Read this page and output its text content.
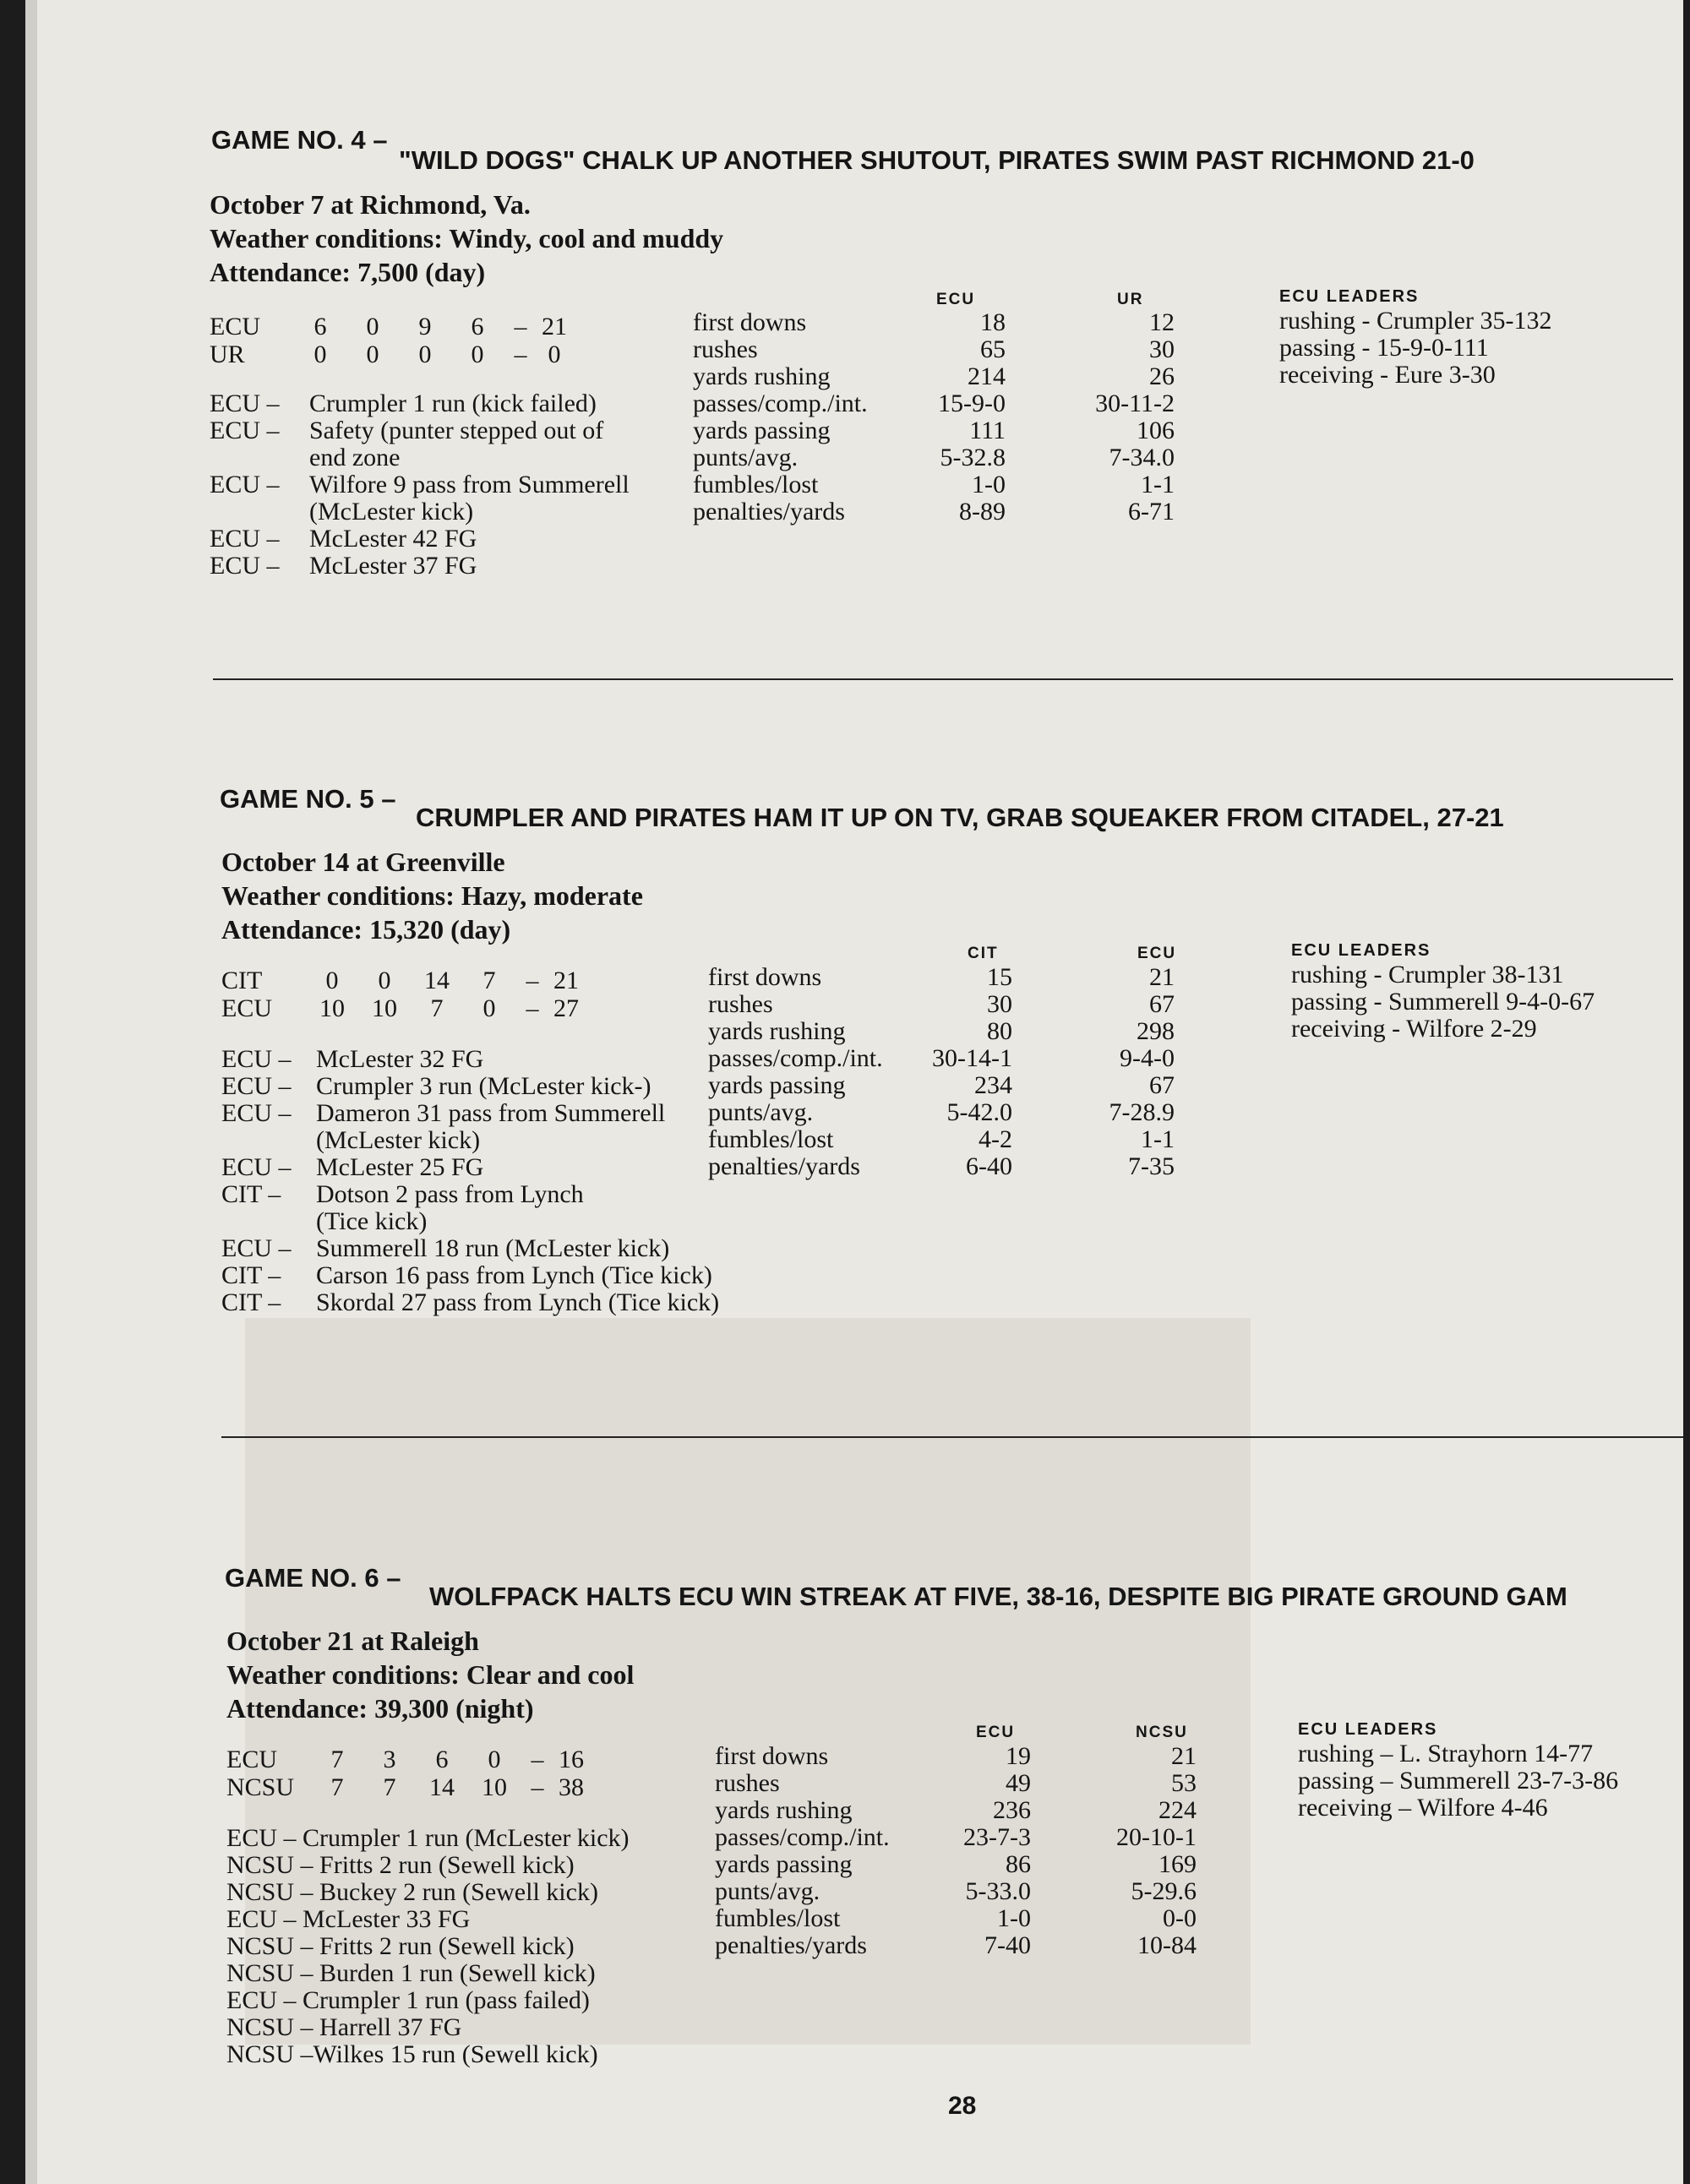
GAME NO. 4 –
"WILD DOGS" CHALK UP ANOTHER SHUTOUT, PIRATES SWIM PAST RICHMOND 21-0
October 7 at Richmond, Va.
Weather conditions: Windy, cool and muddy
Attendance: 7,500 (day)
ECU 6 0 9 6 – 21
UR	0 0 0 0 – 0
ECU – Crumpler 1 run (kick failed)
ECU – Safety (punter stepped out of
end zone
ECU – Wilfore 9 pass from Summerell
(McLester kick)
ECU – McLester 42 FG
ECU – McLester 37 FG
ECU	UR
first downs	18	12
rushes	65	30
yards rushing	214	26
passes/comp./int.	15-9-0	30-11-2
yards passing	111	106
punts/avg.	5-32.8	7-34.0
fumbles/lost	1-0	1-1
penalties/yards	8-89	6-71
ECU LEADERS
rushing - Crumpler 35-132
passing - 15-9-0-111
receiving - Eure 3-30
GAME NO. 5 –
CRUMPLER AND PIRATES HAM IT UP ON TV, GRAB SQUEAKER FROM CITADEL, 27-21
October 14 at Greenville
Weather conditions: Hazy, moderate
Attendance: 15,320 (day)
CIT	0 0 14 7 – 21
ECU 10 10 7 0 – 27
ECU – McLester 32 FG
ECU – Crumpler 3 run (McLester kick-)
ECU – Dameron 31 pass from Summerell
(McLester kick)
ECU – McLester 25 FG
CIT – Dotson 2 pass from Lynch
(Tice kick)
ECU – Summerell 18 run (McLester kick)
CIT – Carson 16 pass from Lynch (Tice kick)
CIT – Skordal 27 pass from Lynch (Tice kick)
CIT	ECU
first downs	15	21
rushes	30	67
yards rushing	80	298
passes/comp./int. 30-14-1	9-4-0
yards passing	234	67
punts/avg.	5-42.0	7-28.9
fumbles/lost	4-2	1-1
penalties/yards	6-40	7-35
ECU LEADERS
rushing - Crumpler 38-131
passing - Summerell 9-4-0-67
receiving - Wilfore 2-29
GAME NO. 6 –
WOLFPACK HALTS ECU WIN STREAK AT FIVE, 38-16, DESPITE BIG PIRATE GROUND GAM
October 21 at Raleigh
Weather conditions: Clear and cool
Attendance: 39,300 (night)
ECU 7 3 6 0 – 16
NCSU 7 7 14 10 – 38
ECU – Crumpler 1 run (McLester kick)
NCSU – Fritts 2 run (Sewell kick)
NCSU – Buckey 2 run (Sewell kick)
ECU – McLester 33 FG
NCSU – Fritts 2 run (Sewell kick)
NCSU – Burden 1 run (Sewell kick)
ECU – Crumpler 1 run (pass failed)
NCSU – Harrell 37 FG
NCSU –Wilkes 15 run (Sewell kick)
ECU	NCSU
first downs	19	21
rushes	49	53
yards rushing	236	224
passes/comp./int.	23-7-3	20-10-1
yards passing	86	169
punts/avg.	5-33.0	5-29.6
fumbles/lost	1-0	0-0
penalties/yards	7-40	10-84
ECU LEADERS
rushing – L. Strayhorn 14-77
passing – Summerell 23-7-3-86
receiving – Wilfore 4-46
28
